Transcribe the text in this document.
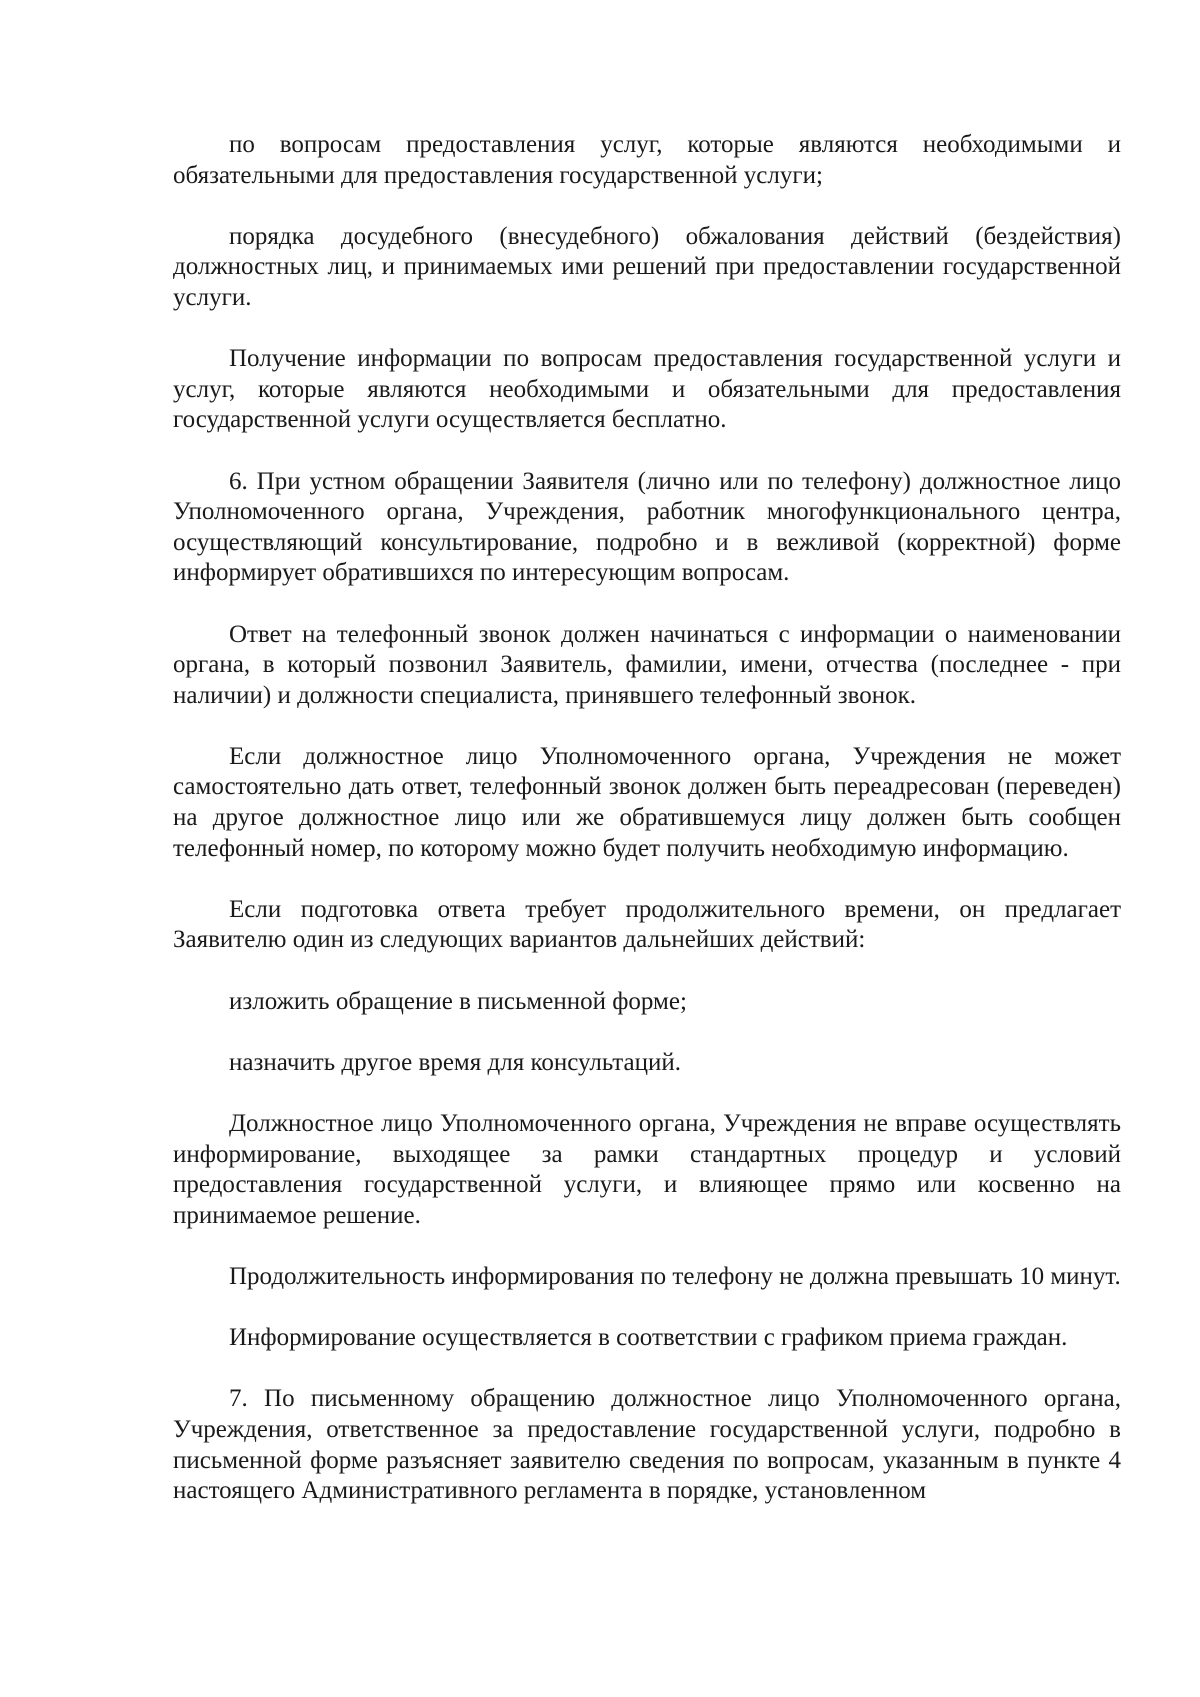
по вопросам предоставления услуг, которые являются необходимыми и обязательными для предоставления государственной услуги;

порядка досудебного (внесудебного) обжалования действий (бездействия) должностных лиц, и принимаемых ими решений при предоставлении государственной услуги.

Получение информации по вопросам предоставления государственной услуги и услуг, которые являются необходимыми и обязательными для предоставления государственной услуги осуществляется бесплатно.

6. При устном обращении Заявителя (лично или по телефону) должностное лицо Уполномоченного органа, Учреждения, работник многофункционального центра, осуществляющий консультирование, подробно и в вежливой (корректной) форме информирует обратившихся по интересующим вопросам.

Ответ на телефонный звонок должен начинаться с информации о наименовании органа, в который позвонил Заявитель, фамилии, имени, отчества (последнее - при наличии) и должности специалиста, принявшего телефонный звонок.

Если должностное лицо Уполномоченного органа, Учреждения не может самостоятельно дать ответ, телефонный звонок должен быть переадресован (переведен) на другое должностное лицо или же обратившемуся лицу должен быть сообщен телефонный номер, по которому можно будет получить необходимую информацию.

Если подготовка ответа требует продолжительного времени, он предлагает Заявителю один из следующих вариантов дальнейших действий:

изложить обращение в письменной форме;

назначить другое время для консультаций.

Должностное лицо Уполномоченного органа, Учреждения не вправе осуществлять информирование, выходящее за рамки стандартных процедур и условий предоставления государственной услуги, и влияющее прямо или косвенно на принимаемое решение.

Продолжительность информирования по телефону не должна превышать 10 минут.

Информирование осуществляется в соответствии с графиком приема граждан.

7. По письменному обращению должностное лицо Уполномоченного органа, Учреждения, ответственное за предоставление государственной услуги, подробно в письменной форме разъясняет заявителю сведения по вопросам, указанным в пункте 4 настоящего Административного регламента в порядке, установленном
